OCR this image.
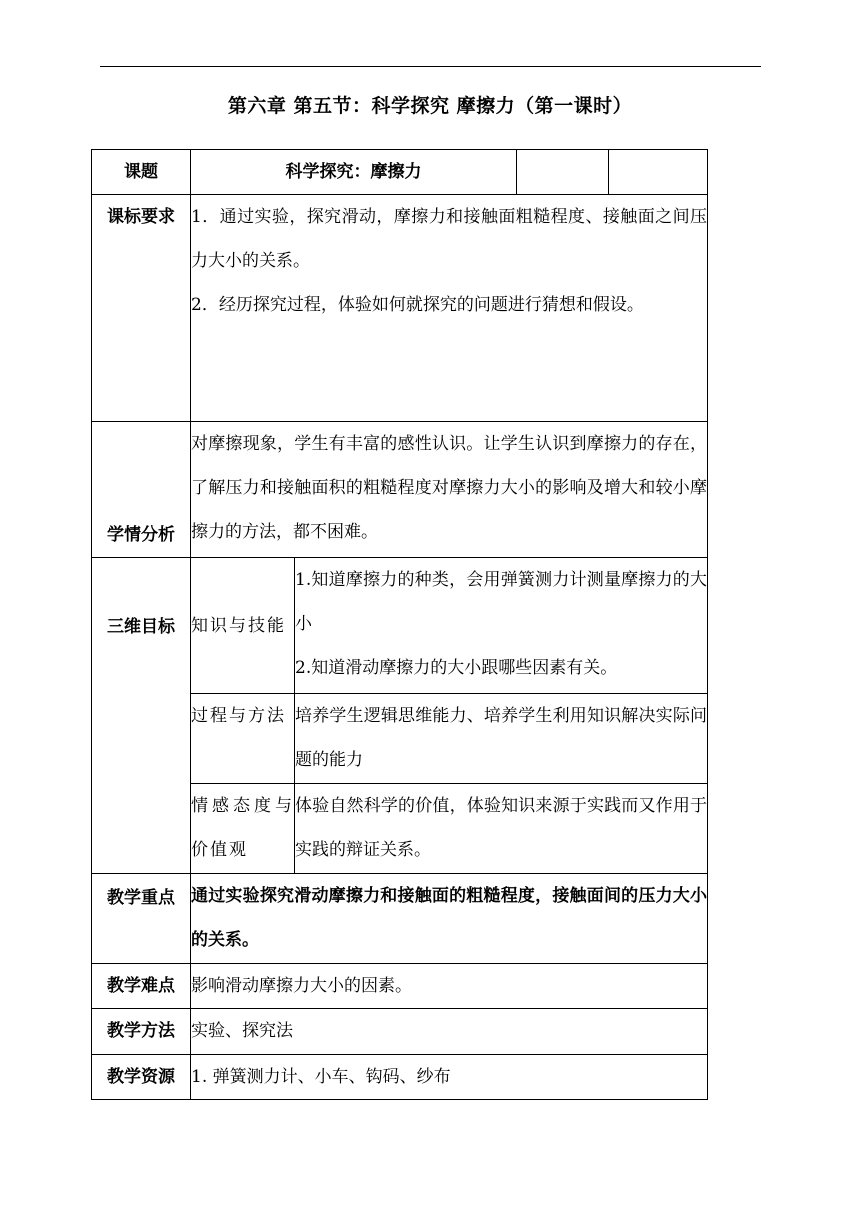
第六章 第五节：科学探究 摩擦力（第一课时）
课题	科学探究：摩擦力			
课标要求	1．通过实验，探究滑动，摩擦力和接触面粗糙程度、接触面之间压力大小的关系。
2．经历探究过程，体验如何就探究的问题进行猜想和假设。			

学情分析	对摩擦现象，学生有丰富的感性认识。让学生认识到摩擦力的存在，了解压力和接触面积的粗糙程度对摩擦力大小的影响及增大和较小摩擦力的方法，都不困难。			
三维目标	知识与技能	1.知道摩擦力的种类，会用弹簧测力计测量摩擦力的大小
2.知道滑动摩擦力的大小跟哪些因素有关。		

	过程与方法	培养学生逻辑思维能力、培养学生利用知识解决实际问题的能力		
	情感态度与价值观	体验自然科学的价值，体验知识来源于实践而又作用于实践的辩证关系。		
教学重点	通过实验探究滑动摩擦力和接触面的粗糙程度，接触面间的压力大小的关系。			
教学难点	影响滑动摩擦力大小的因素。			
教学方法	实验、探究法			
教学资源	1. 弹簧测力计、小车、钩码、纱布			
